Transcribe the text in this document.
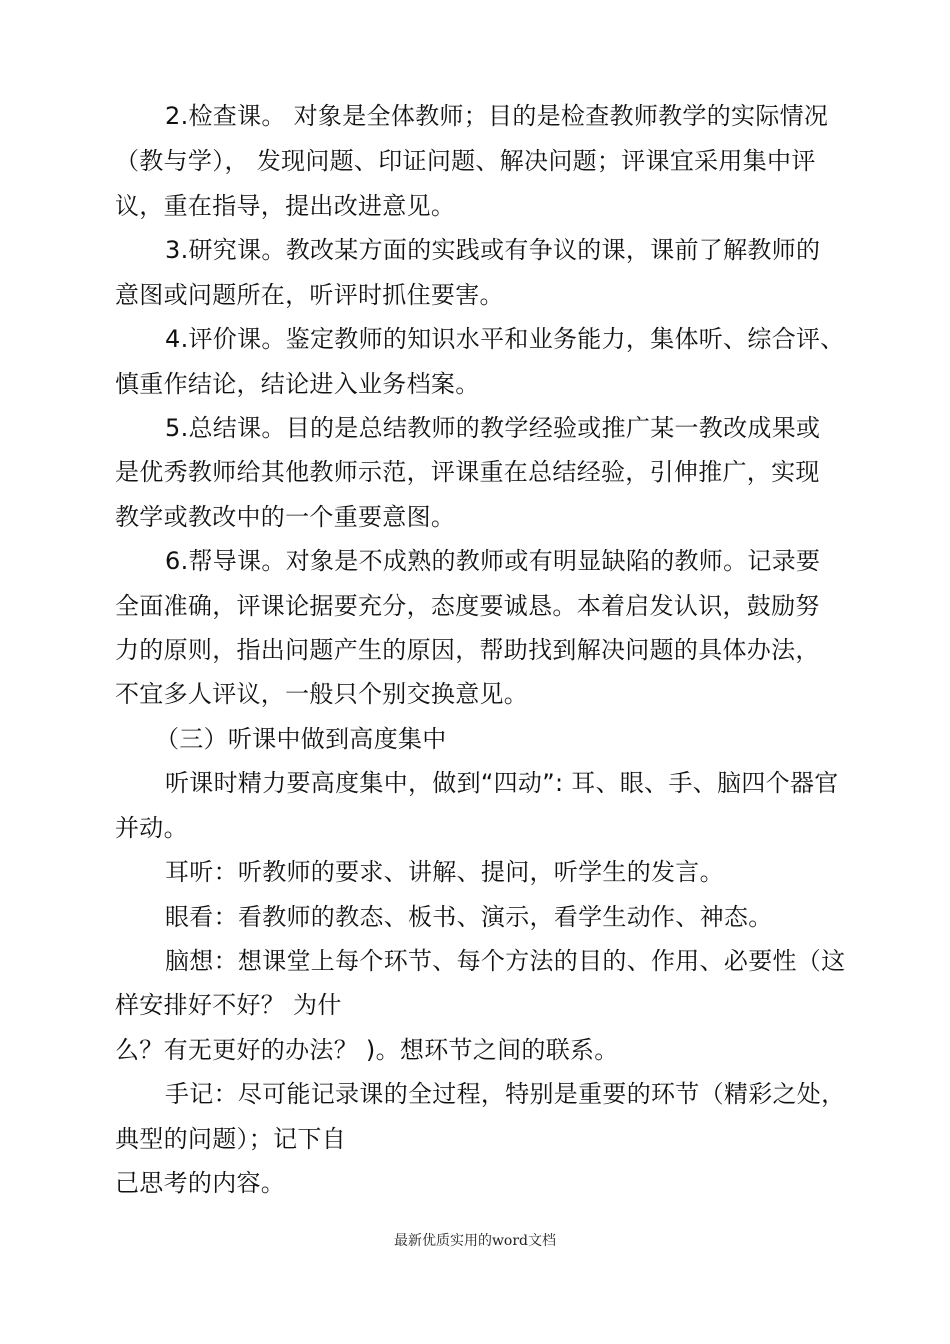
2.检查课。 对象是全体教师；目的是检查教师教学的实际情况
（教与学）， 发现问题、印证问题、解决问题；评课宜采用集中评
议，重在指导，提出改进意见。
3.研究课。教改某方面的实践或有争议的课，课前了解教师的
意图或问题所在，听评时抓住要害。
4.评价课。鉴定教师的知识水平和业务能力，集体听、综合评、
慎重作结论，结论进入业务档案。
5.总结课。目的是总结教师的教学经验或推广某一教改成果或
是优秀教师给其他教师示范，评课重在总结经验，引伸推广，实现
教学或教改中的一个重要意图。
6.帮导课。对象是不成熟的教师或有明显缺陷的教师。记录要
全面准确，评课论据要充分，态度要诚恳。本着启发认识，鼓励努
力的原则，指出问题产生的原因，帮助找到解决问题的具体办法，
不宜多人评议，一般只个别交换意见。
（三）听课中做到高度集中
听课时精力要高度集中，做到“四动”: 耳、眼、手、脑四个器官
并动。
耳听：听教师的要求、讲解、提问，听学生的发言。
眼看：看教师的教态、板书、演示，看学生动作、神态。
脑想：想课堂上每个环节、每个方法的目的、作用、必要性（这
样安排好不好？ 为什
么？有无更好的办法？ )。想环节之间的联系。
手记：尽可能记录课的全过程，特别是重要的环节（精彩之处，
典型的问题）；记下自
己思考的内容。
最新优质实用的word文档
